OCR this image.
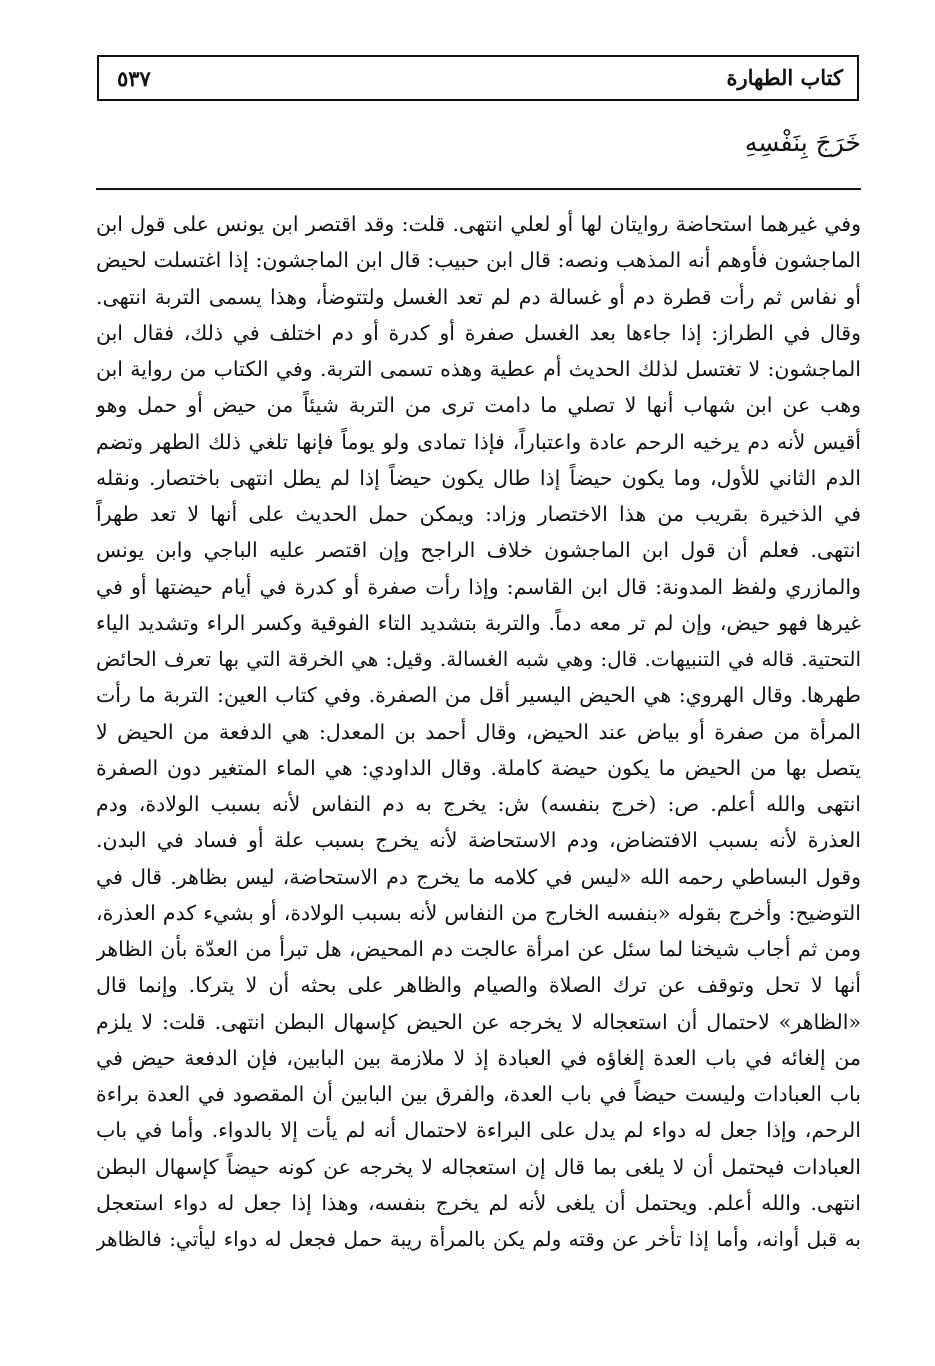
كتاب الطهارة
٥٣٧
خَرَجَ بِنَفْسِهِ
وفي غيرهما استحاضة روايتان لها أو لعلي انتهى. قلت: وقد اقتصر ابن يونس على قول ابن
الماجشون فأوهم أنه المذهب ونصه: قال ابن حبيب: قال ابن الماجشون: إذا اغتسلت لحيض
أو نفاس ثم رأت قطرة دم أو غسالة دم لم تعد الغسل ولتتوضأ، وهذا يسمى التربة انتهى.
وقال في الطراز: إذا جاءها بعد الغسل صفرة أو كدرة أو دم اختلف في ذلك، فقال ابن
الماجشون: لا تغتسل لذلك الحديث أم عطية وهذه تسمى التربة. وفي الكتاب من رواية ابن
وهب عن ابن شهاب أنها لا تصلي ما دامت ترى من التربة شيئاً من حيض أو حمل وهو
أقيس لأنه دم يرخيه الرحم عادة واعتباراً، فإذا تمادى ولو يوماً فإنها تلغي ذلك الطهر وتضم
الدم الثاني للأول، وما يكون حيضاً إذا طال يكون حيضاً إذا لم يطل انتهى باختصار. ونقله
في الذخيرة بقريب من هذا الاختصار وزاد: ويمكن حمل الحديث على أنها لا تعد طهراً
انتهى. فعلم أن قول ابن الماجشون خلاف الراجح وإن اقتصر عليه الباجي وابن يونس
والمازري ولفظ المدونة: قال ابن القاسم: وإذا رأت صفرة أو كدرة في أيام حيضتها أو في
غيرها فهو حيض، وإن لم تر معه دماً. والتربة بتشديد التاء الفوقية وكسر الراء وتشديد الياء
التحتية. قاله في التنبيهات. قال: وهي شبه الغسالة. وقيل: هي الخرقة التي بها تعرف الحائض
طهرها. وقال الهروي: هي الحيض اليسير أقل من الصفرة. وفي كتاب العين: التربة ما رأت
المرأة من صفرة أو بياض عند الحيض، وقال أحمد بن المعدل: هي الدفعة من الحيض لا
يتصل بها من الحيض ما يكون حيضة كاملة. وقال الداودي: هي الماء المتغير دون الصفرة
انتهى والله أعلم. ص: (خرج بنفسه) ش: يخرج به دم النفاس لأنه بسبب الولادة، ودم
العذرة لأنه بسبب الافتضاض، ودم الاستحاضة لأنه يخرج بسبب علة أو فساد في البدن.
وقول البساطي رحمه الله «ليس في كلامه ما يخرج دم الاستحاضة، ليس بظاهر. قال في
التوضيح: وأخرج بقوله «بنفسه الخارج من النفاس لأنه بسبب الولادة، أو بشيء كدم العذرة،
ومن ثم أجاب شيخنا لما سئل عن امرأة عالجت دم المحيض، هل تبرأ من العدّة بأن الظاهر
أنها لا تحل وتوقف عن ترك الصلاة والصيام والظاهر على بحثه أن لا يتركا. وإنما قال
«الظاهر» لاحتمال أن استعجاله لا يخرجه عن الحيض كإسهال البطن انتهى. قلت: لا يلزم
من إلغائه في باب العدة إلغاؤه في العبادة إذ لا ملازمة بين البابين، فإن الدفعة حيض في
باب العبادات وليست حيضاً في باب العدة، والفرق بين البابين أن المقصود في العدة براءة
الرحم، وإذا جعل له دواء لم يدل على البراءة لاحتمال أنه لم يأت إلا بالدواء. وأما في باب
العبادات فيحتمل أن لا يلغى بما قال إن استعجاله لا يخرجه عن كونه حيضاً كإسهال البطن
انتهى. والله أعلم. ويحتمل أن يلغى لأنه لم يخرج بنفسه، وهذا إذا جعل له دواء استعجل
به قبل أوانه، وأما إذا تأخر عن وقته ولم يكن بالمرأة ريبة حمل فجعل له دواء ليأتي: فالظاهر
